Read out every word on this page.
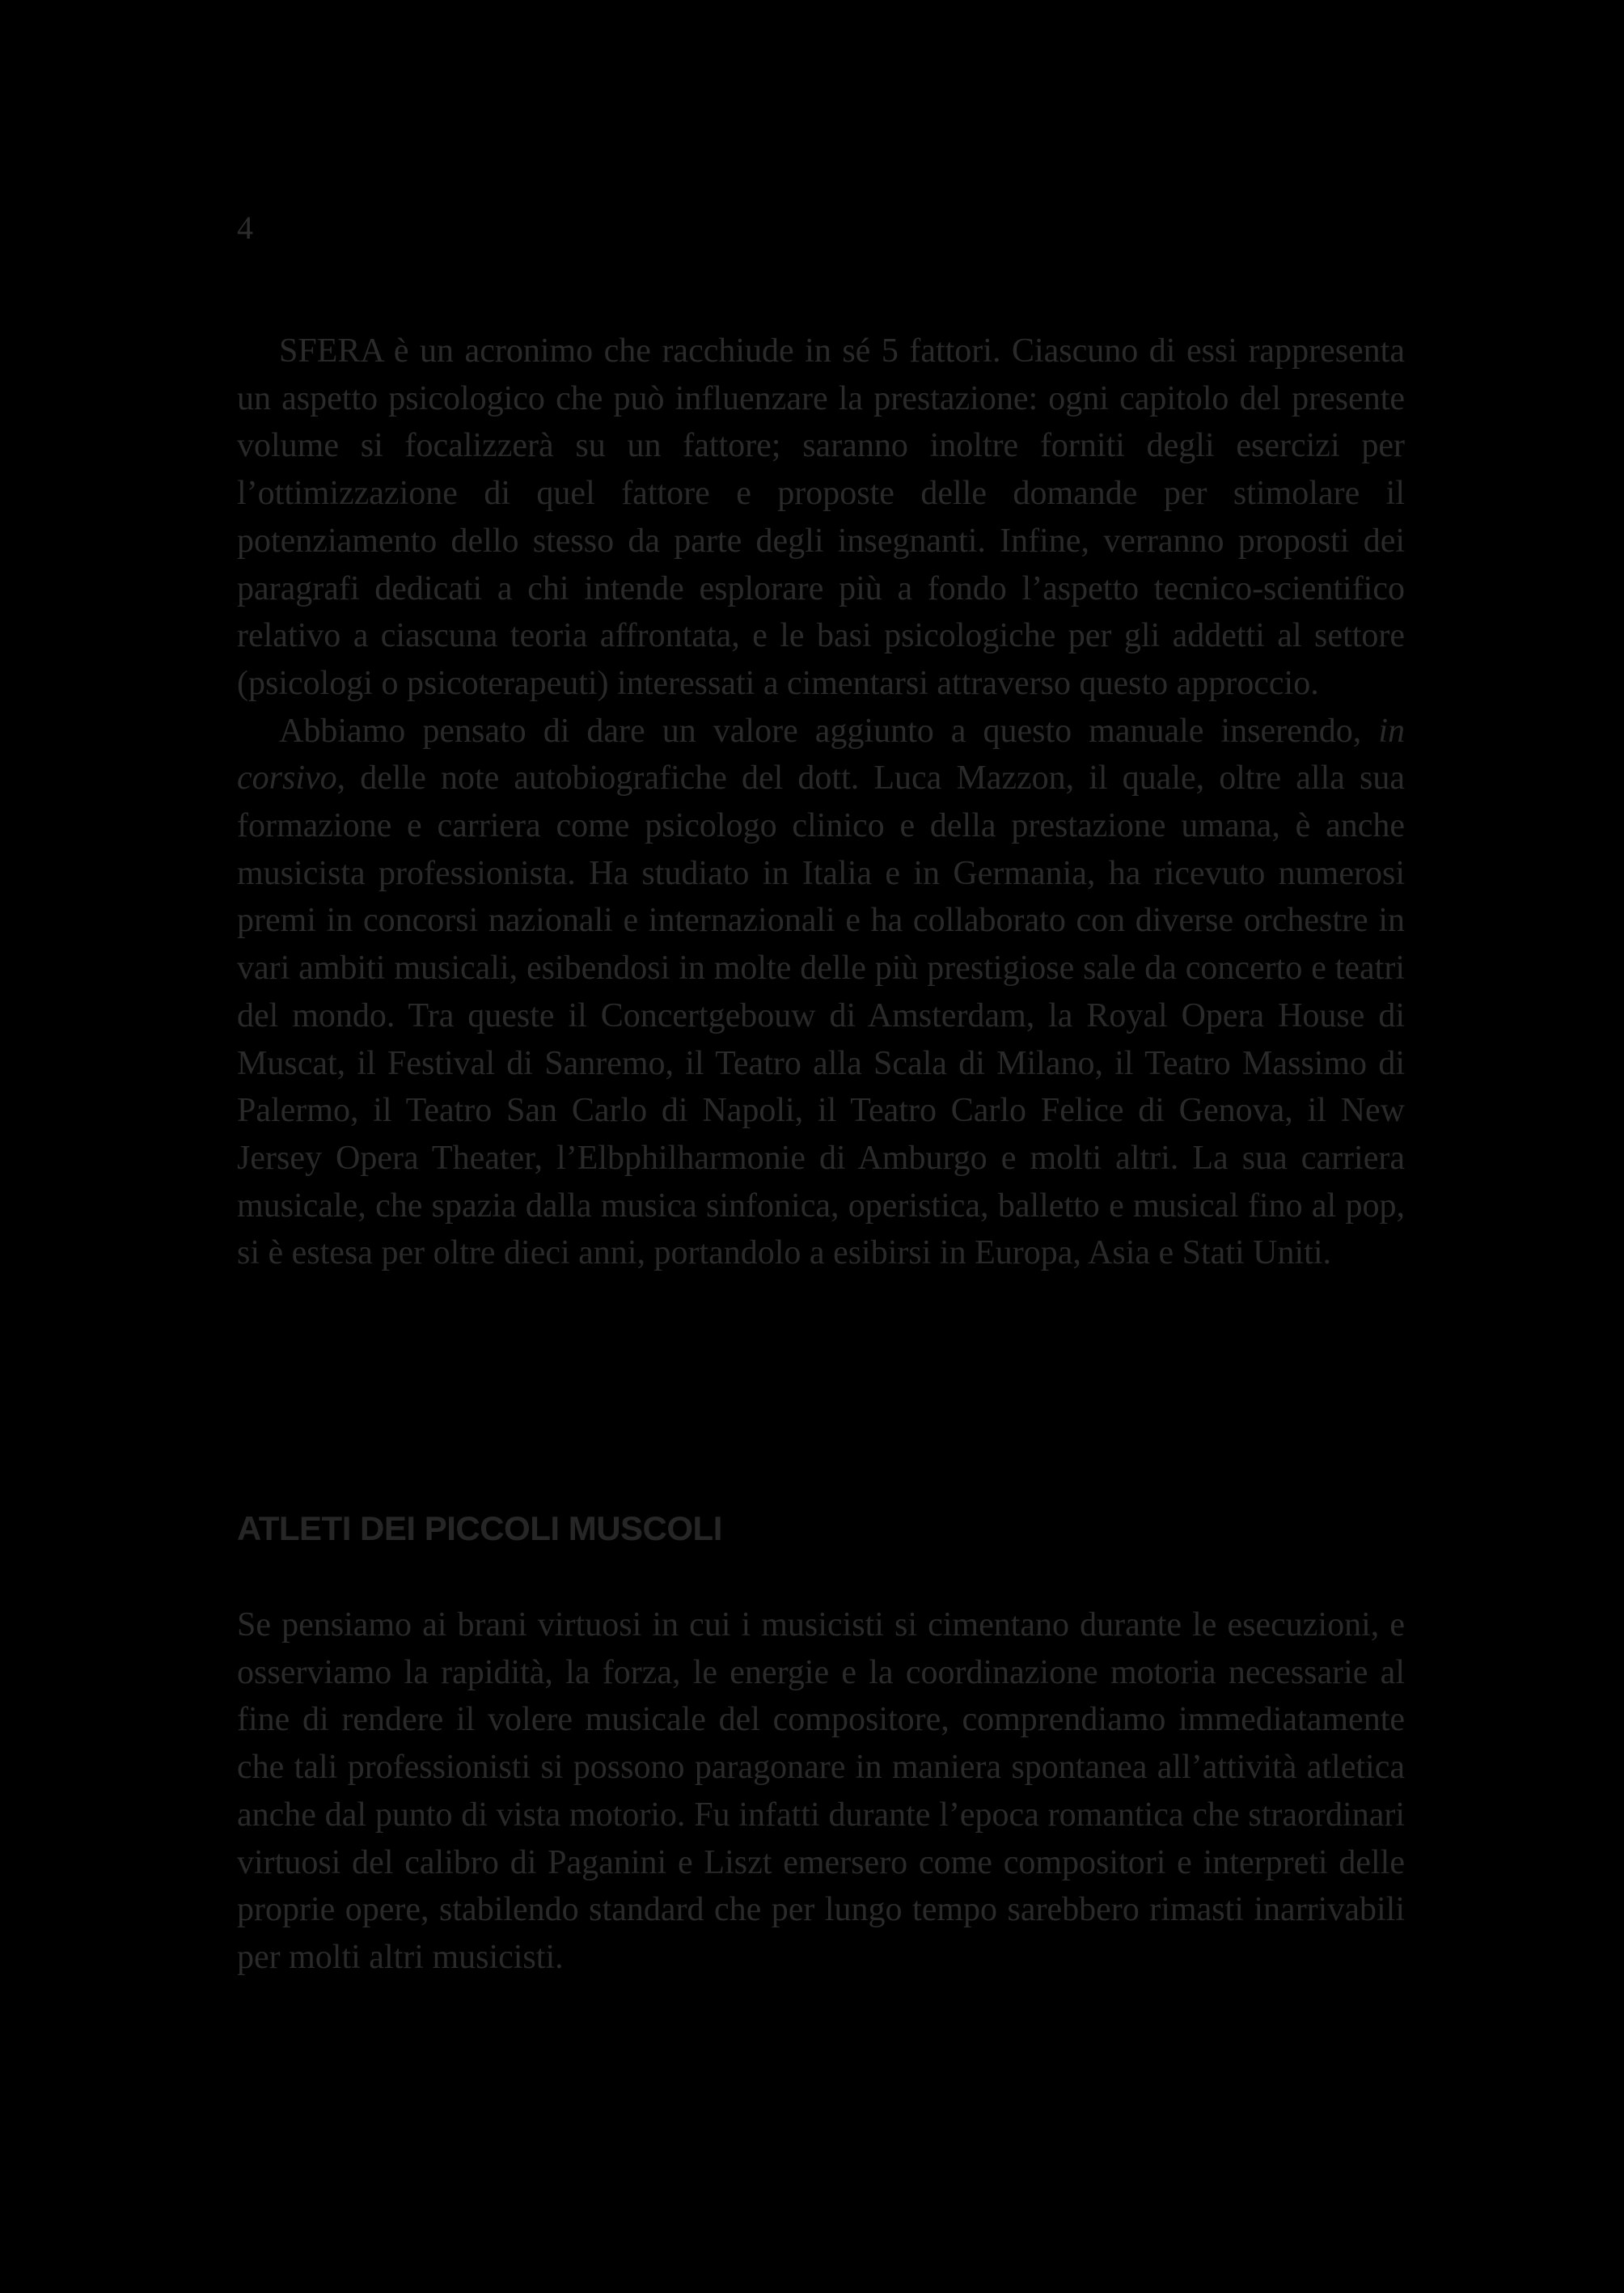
4

SFERA è un acronimo che racchiude in sé 5 fattori. Ciascuno di essi rappresenta un aspetto psicologico che può influenzare la prestazione: ogni capitolo del presente volume si focalizzerà su un fattore; saranno inoltre forniti degli esercizi per l’ottimizzazione di quel fattore e proposte delle domande per stimolare il potenziamento dello stesso da parte degli insegnanti. Infine, verranno proposti dei paragrafi dedicati a chi intende esplorare più a fondo l’aspetto tecnico-scientifico relativo a ciascuna teoria affrontata, e le basi psicologiche per gli addetti al settore (psicologi o psicoterapeuti) interessati a cimentarsi attraverso questo approccio.

Abbiamo pensato di dare un valore aggiunto a questo manuale inserendo, in corsivo, delle note autobiografiche del dott. Luca Mazzon, il quale, oltre alla sua formazione e carriera come psicologo clinico e della prestazione umana, è anche musicista professionista. Ha studiato in Italia e in Germania, ha ricevuto numerosi premi in concorsi nazionali e internazionali e ha collaborato con diverse orchestre in vari ambiti musicali, esibendosi in molte delle più prestigiose sale da concerto e teatri del mondo. Tra queste il Concertgebouw di Amsterdam, la Royal Opera House di Muscat, il Festival di Sanremo, il Teatro alla Scala di Milano, il Teatro Massimo di Palermo, il Teatro San Carlo di Napoli, il Teatro Carlo Felice di Genova, il New Jersey Opera Theater, l’Elbphilharmonie di Amburgo e molti altri. La sua carriera musicale, che spazia dalla musica sinfonica, operistica, balletto e musical fino al pop, si è estesa per oltre dieci anni, portandolo a esibirsi in Europa, Asia e Stati Uniti.

ATLETI DEI PICCOLI MUSCOLI

Se pensiamo ai brani virtuosi in cui i musicisti si cimentano durante le esecuzioni, e osserviamo la rapidità, la forza, le energie e la coordinazione motoria necessarie al fine di rendere il volere musicale del compositore, comprendiamo immediatamente che tali professionisti si possono paragonare in maniera spontanea all’attività atletica anche dal punto di vista motorio. Fu infatti durante l’epoca romantica che straordinari virtuosi del calibro di Paganini e Liszt emersero come compositori e interpreti delle proprie opere, stabilendo standard che per lungo tempo sarebbero rimasti inarrivabili per molti altri musicisti.
